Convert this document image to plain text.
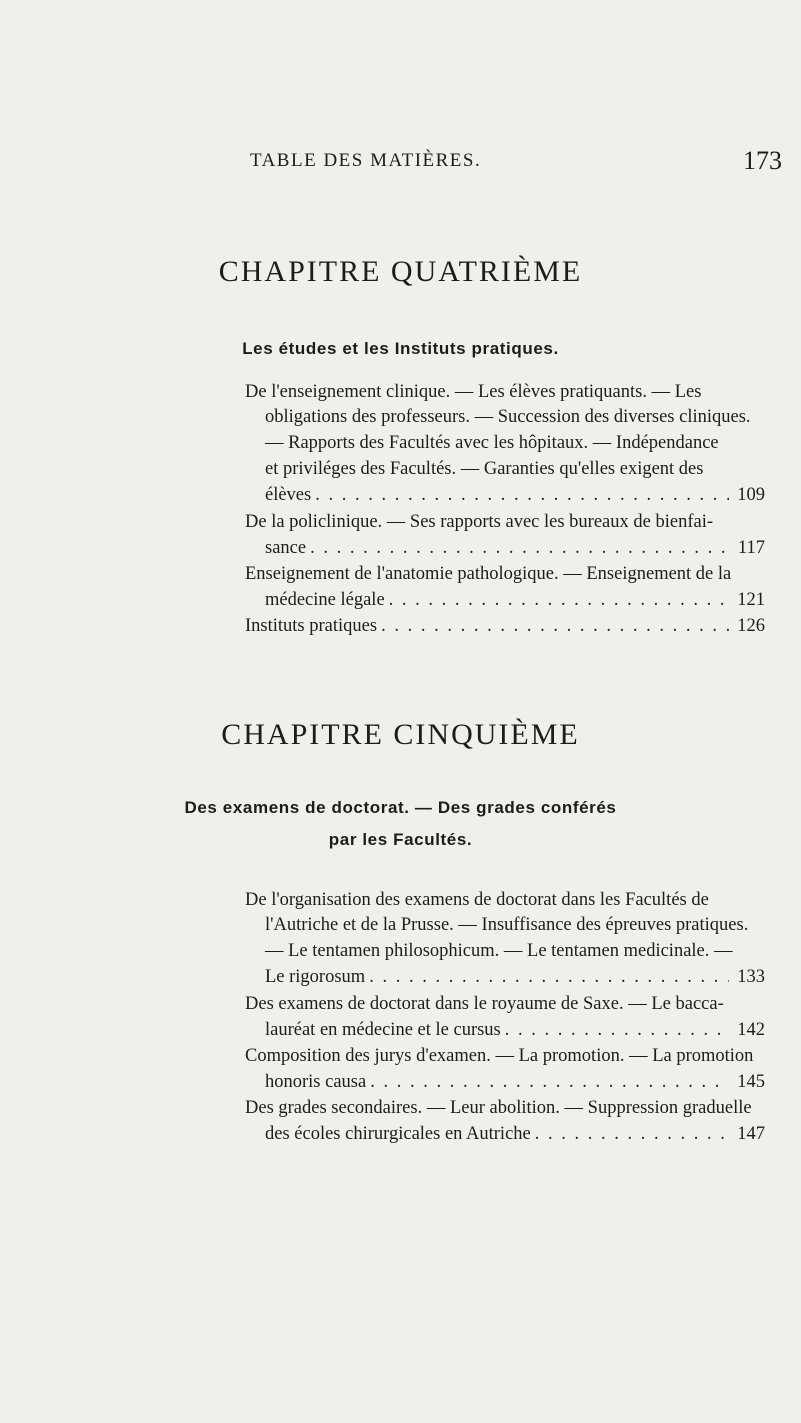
TABLE DES MATIÈRES.	173
CHAPITRE QUATRIÈME
Les études et les Instituts pratiques.
De l'enseignement clinique. — Les élèves pratiquants. — Les
obligations des professeurs. — Succession des diverses cliniques.
— Rapports des Facultés avec les hôpitaux. — Indépendance
et priviléges des Facultés. — Garanties qu'elles exigent des
élèves . . .	109
De la policlinique. — Ses rapports avec les bureaux de bienfai-
sance . . .	117
Enseignement de l'anatomie pathologique. — Enseignement de la
médecine légale . . .	121
Instituts pratiques . . .	126
CHAPITRE CINQUIÈME
Des examens de doctorat. — Des grades conférés
par les Facultés.
De l'organisation des examens de doctorat dans les Facultés de
l'Autriche et de la Prusse. — Insuffisance des épreuves pratiques.
— Le tentamen philosophicum. — Le tentamen medicinale. —
Le rigorosum . . .	133
Des examens de doctorat dans le royaume de Saxe. — Le bacca-
lauréat en médecine et le cursus . . .	142
Composition des jurys d'examen. — La promotion. — La promotion
honoris causa . . .	145
Des grades secondaires. — Leur abolition. — Suppression graduelle
des écoles chirurgicales en Autriche . . .	147
